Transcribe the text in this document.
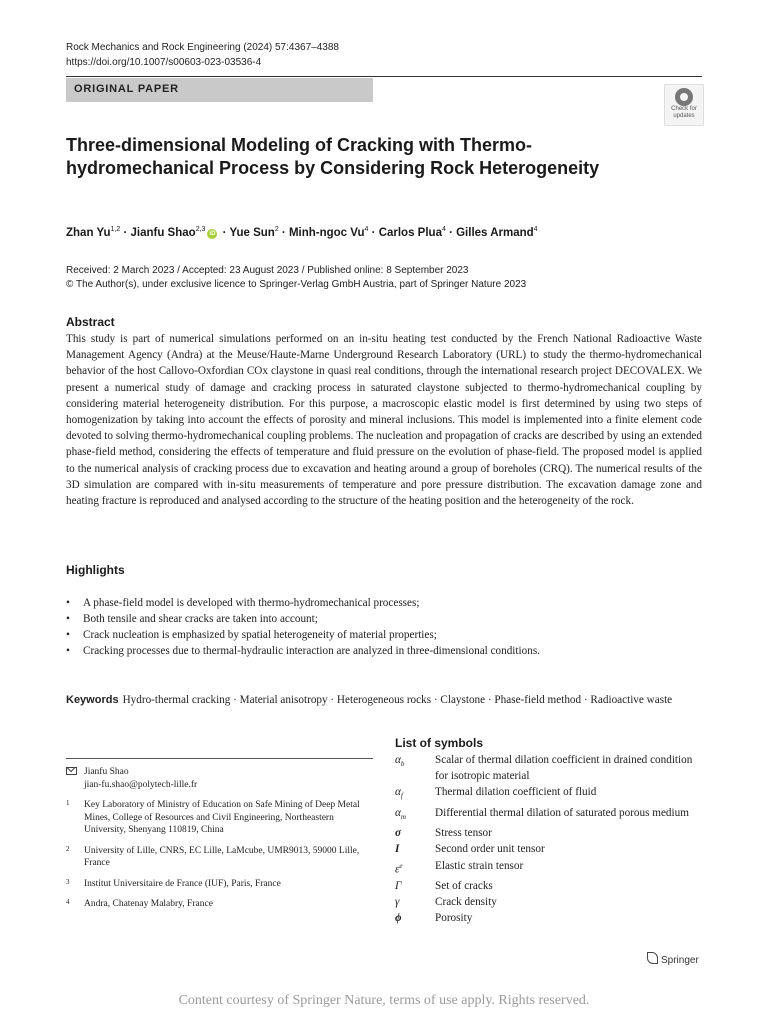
Rock Mechanics and Rock Engineering (2024) 57:4367–4388
https://doi.org/10.1007/s00603-023-03536-4
ORIGINAL PAPER
Check for
updates
Three-dimensional Modeling of Cracking with Thermo-hydromechanical Process by Considering Rock Heterogeneity
Zhan Yu$^{1,2}$ · Jianfu Shao$^{2,3}$iD · Yue Sun$^2$ · Minh-ngoc $Vu^4$ · Carlos Plua$^4$ · Gilles Armand$^4$
Received: 2 March 2023 / Accepted: 23 August 2023 / Published online: 8 September 2023
© The Author(s), under exclusive licence to Springer-Verlag GmbH Austria, part of Springer Nature 2023
Abstract
This study is part of numerical simulations performed on an in-situ heating test conducted by the French National Radioactive Waste Management Agency (Andra) at the Meuse/Haute-Marne Underground Research Laboratory (URL) to study the thermo-hydromechanical behavior of the host Callovo-Oxfordian COx claystone in quasi real conditions, through the international research project DECOVALEX. We present a numerical study of damage and cracking process in saturated claystone subjected to thermo-hydromechanical coupling by considering material heterogeneity distribution. For this purpose, a macroscopic elastic model is first determined by using two steps of homogenization by taking into account the effects of porosity and mineral inclusions. This model is implemented into a finite element code devoted to solving thermo-hydromechanical coupling problems. The nucleation and propagation of cracks are described by using an extended phase-field method, considering the effects of temperature and fluid pressure on the evolution of phase-field. The proposed model is applied to the numerical analysis of cracking process due to excavation and heating around a group of boreholes (CRQ). The numerical results of the 3D simulation are compared with in-situ measurements of temperature and pore pressure distribution. The excavation damage zone and heating fracture is reproduced and analysed according to the structure of the heating position and the heterogeneity of the rock.
Highlights
• A phase-field model is developed with thermo-hydromechanical processes;
• Both tensile and shear cracks are taken into account;
• Crack nucleation is emphasized by spatial heterogeneity of material properties;
• Cracking processes due to thermal-hydraulic interaction are analyzed in three-dimensional conditions.
Keywords Hydro-thermal cracking · Material anisotropy · Heterogeneous rocks · Claystone · Phase-field method · Radioactive waste
Jianfu Shao
jian-fu.shao@polytech-lille.fr
1 Key Laboratory of Ministry of Education on Safe Mining of Deep Metal Mines, College of Resources and Civil Engineering, Northeastern University, Shenyang 110819, China
2 University of Lille, CNRS, EC Lille, LaMcube, UMR9013, 59000 Lille, France
3 Institut Universitaire de France (IUF), Paris, France
4 Andra, Chatenay Malabry, France
List of symbols
$\alpha_b$	Scalar of thermal dilation coefficient in drained condition for isotropic material
$\alpha_f$	Thermal dilation coefficient of fluid
$\alpha_m$	Differential thermal dilation of saturated porous medium
σ	Stress tensor
I	Second order unit tensor
$\varepsilon^e$	Elastic strain tensor
Γ	Set of cracks
γ	Crack density
ϕ	Porosity
Springer
Content courtesy of Springer Nature, terms of use apply. Rights reserved.
